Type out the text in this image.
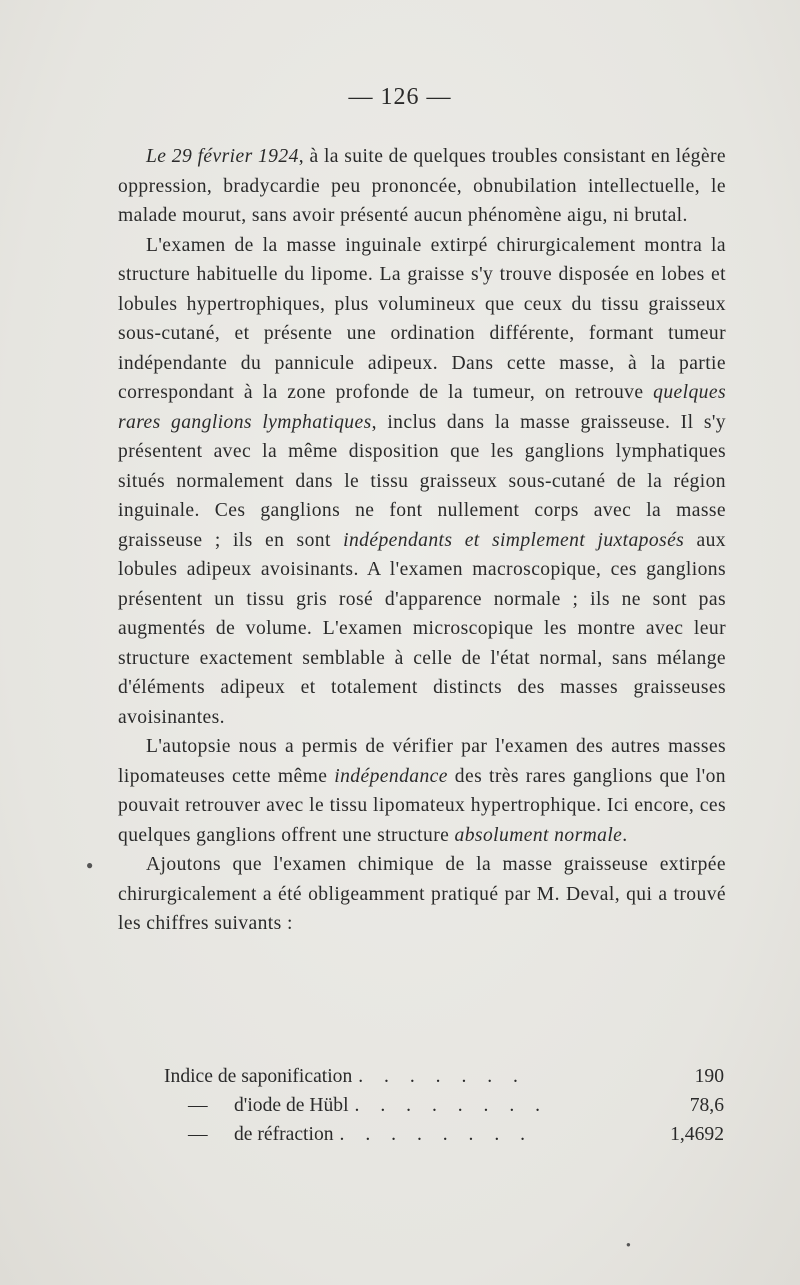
— 126 —

Le 29 février 1924, à la suite de quelques troubles consistant en légère oppression, bradycardie peu prononcée, obnubilation intellectuelle, le malade mourut, sans avoir présenté aucun phénomène aigu, ni brutal.

L'examen de la masse inguinale extirpé chirurgicalement montra la structure habituelle du lipome. La graisse s'y trouve disposée en lobes et lobules hypertrophiques, plus volumineux que ceux du tissu graisseux sous-cutané, et présente une ordination différente, formant tumeur indépendante du pannicule adipeux. Dans cette masse, à la partie correspondant à la zone profonde de la tumeur, on retrouve quelques rares ganglions lymphatiques, inclus dans la masse graisseuse. Il s'y présentent avec la même disposition que les ganglions lymphatiques situés normalement dans le tissu graisseux sous-cutané de la région inguinale. Ces ganglions ne font nullement corps avec la masse graisseuse ; ils en sont indépendants et simplement juxtaposés aux lobules adipeux avoisinants. A l'examen macroscopique, ces ganglions présentent un tissu gris rosé d'apparence normale ; ils ne sont pas augmentés de volume. L'examen microscopique les montre avec leur structure exactement semblable à celle de l'état normal, sans mélange d'éléments adipeux et totalement distincts des masses graisseuses avoisinantes.

L'autopsie nous a permis de vérifier par l'examen des autres masses lipomateuses cette même indépendance des très rares ganglions que l'on pouvait retrouver avec le tissu lipomateux hypertrophique. Ici encore, ces quelques ganglions offrent une structure absolument normale.

Ajoutons que l'examen chimique de la masse graisseuse extirpée chirurgicalement a été obligeamment pratiqué par M. Deval, qui a trouvé les chiffres suivants :

Indice de saponification . . . . . . .	190
—	d'iode de Hübl . . . . . . . .	78,6
—	de réfraction . . . . . . . .	1,4692
●
●
